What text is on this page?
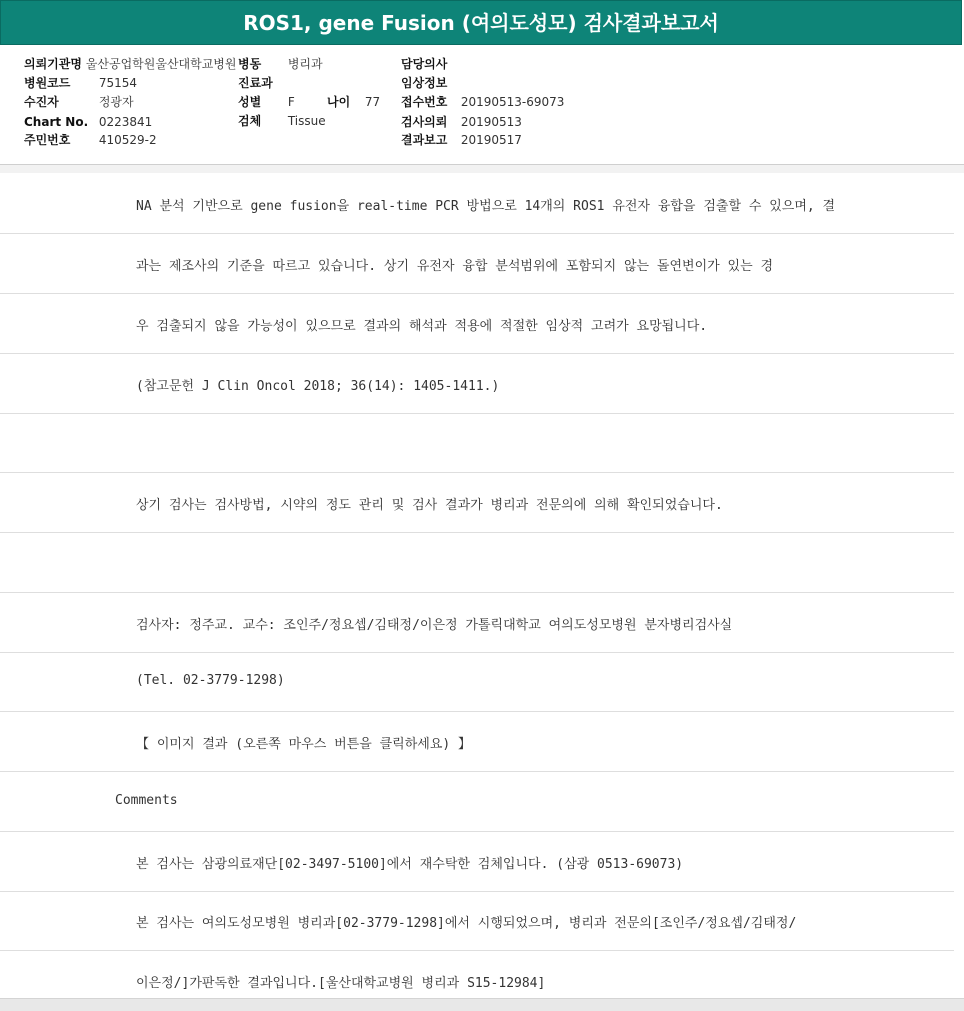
ROS1, gene Fusion (여의도성모) 검사결과보고서
의뢰기관명 울산공업학원울산대학교병원 병동 병리과	담당의사
병원코드 75154	진료과	임상정보
수진자	정광자	성별 F	나이 77 접수번호 20190513-69073
Chart No. 0223841	검체 Tissue	검사의뢰 20190513
주민번호 410529-2	결과보고 20190517
NA 분석 기반으로 gene fusion을 real-time PCR 방법으로 14개의 ROS1 유전자 융합을 검출할 수 있으며, 결
과는 제조사의 기준을 따르고 있습니다. 상기 유전자 융합 분석범위에 포함되지 않는 돌연변이가 있는 경
우 검출되지 않을 가능성이 있으므로 결과의 해석과 적용에 적절한 임상적 고려가 요망됩니다.
(참고문헌 J Clin Oncol 2018; 36(14): 1405-1411.)
상기 검사는 검사방법, 시약의 정도 관리 및 검사 결과가 병리과 전문의에 의해 확인되었습니다.
검사자: 정주교. 교수: 조인주/정요셉/김태정/이은정 가톨릭대학교 여의도성모병원 분자병리검사실
(Tel. 02-3779-1298)
【 이미지 결과 (오른쪽 마우스 버튼을 클릭하세요) 】
Comments
본 검사는 삼광의료재단[02-3497-5100]에서 재수탁한 검체입니다. (삼광 0513-69073)
본 검사는 여의도성모병원 병리과[02-3779-1298]에서 시행되었으며, 병리과 전문의[조인주/정요셉/김태정/
이은정/]가판독한 결과입니다.[울산대학교병원 병리과 S15-12984]
